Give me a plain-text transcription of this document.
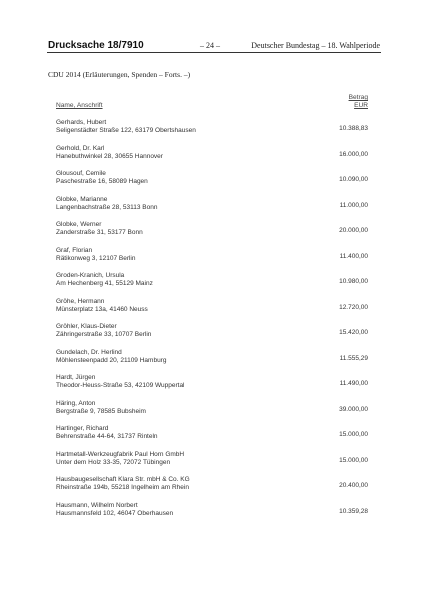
Drucksache 18/7910	– 24 –	Deutscher Bundestag – 18. Wahlperiode
CDU 2014 (Erläuterungen, Spenden – Forts. –)
Name, Anschrift
Betrag
EUR
Gerhards, Hubert
Seligenstädter Straße 122, 63179 Obertshausen	10.388,83
Gerhold, Dr. Karl
Hanebuthwinkel 28, 30655 Hannover	16.000,00
Glousouf, Cemile
Paschestraße 16, 58089 Hagen	10.090,00
Globke, Marianne
Langenbachstraße 28, 53113 Bonn	11.000,00
Globke, Werner
Zanderstraße 31, 53177 Bonn	20.000,00
Graf, Florian
Rätikonweg 3, 12107 Berlin	11.400,00
Groden-Kranich, Ursula
Am Hechenberg 41, 55129 Mainz	10.980,00
Gröhe, Hermann
Münsterplatz 13a, 41460 Neuss	12.720,00
Gröhler, Klaus-Dieter
Zähringerstraße 33, 10707 Berlin	15.420,00
Gundelach, Dr. Herlind
Möhlensteenpadd 20, 21109 Hamburg	11.555,29
Hardt, Jürgen
Theodor-Heuss-Straße 53, 42109 Wuppertal	11.490,00
Häring, Anton
Bergstraße 9, 78585 Bubsheim	39.000,00
Hartinger, Richard
Behrenstraße 44-64, 31737 Rinteln	15.000,00
Hartmetall-Werkzeugfabrik Paul Horn GmbH
Unter dem Holz 33-35, 72072 Tübingen	15.000,00
Hausbaugesellschaft Klara Str. mbH & Co. KG
Rheinstraße 194b, 55218 Ingelheim am Rhein	20.400,00
Hausmann, Wilhelm Norbert
Hausmannsfeld 102, 46047 Oberhausen	10.359,28
